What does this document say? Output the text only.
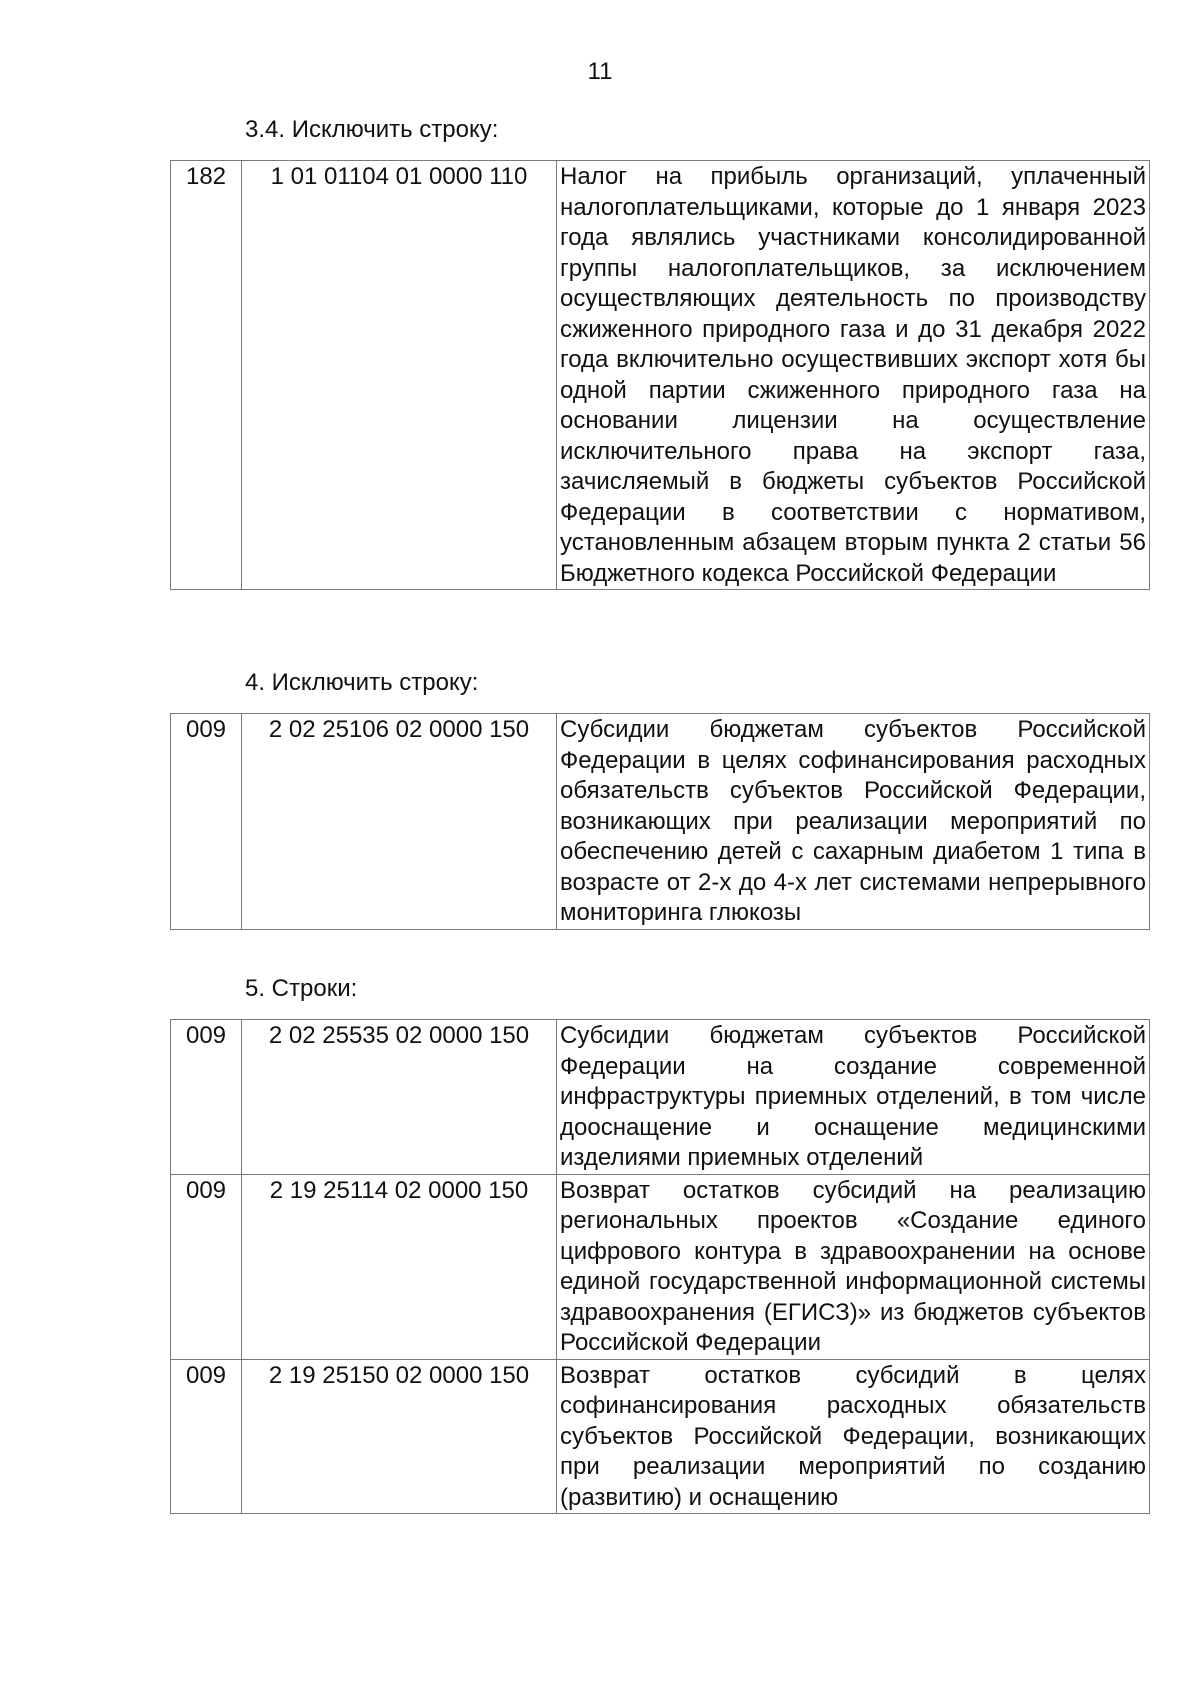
11
3.4. Исключить строку:
182	1 01 01104 01 0000 110	Налог на прибыль организаций, уплаченный налогоплательщиками, которые до 1 января 2023 года являлись участниками консолидированной группы налогоплательщиков, за исключением осуществляющих деятельность по производству сжиженного природного газа и до 31 декабря 2022 года включительно осуществивших экспорт хотя бы одной партии сжиженного природного газа на основании лицензии на осуществление исключительного права на экспорт газа, зачисляемый в бюджеты субъектов Российской Федерации в соответствии с нормативом, установленным абзацем вторым пункта 2 статьи 56 Бюджетного кодекса Российской Федерации
4. Исключить строку:
009	2 02 25106 02 0000 150	Субсидии бюджетам субъектов Российской Федерации в целях софинансирования расходных обязательств субъектов Российской Федерации, возникающих при реализации мероприятий по обеспечению детей с сахарным диабетом 1 типа в возрасте от 2-х до 4-х лет системами непрерывного мониторинга глюкозы
5. Строки:
009	2 02 25535 02 0000 150	Субсидии бюджетам субъектов Российской Федерации на создание современной инфраструктуры приемных отделений, в том числе дооснащение и оснащение медицинскими изделиями приемных отделений
009	2 19 25114 02 0000 150	Возврат остатков субсидий на реализацию региональных проектов «Создание единого цифрового контура в здравоохранении на основе единой государственной информационной системы здравоохранения (ЕГИСЗ)» из бюджетов субъектов Российской Федерации
009	2 19 25150 02 0000 150	Возврат остатков субсидий в целях софинансирования расходных обязательств субъектов Российской Федерации, возникающих при реализации мероприятий по созданию (развитию) и оснащению
